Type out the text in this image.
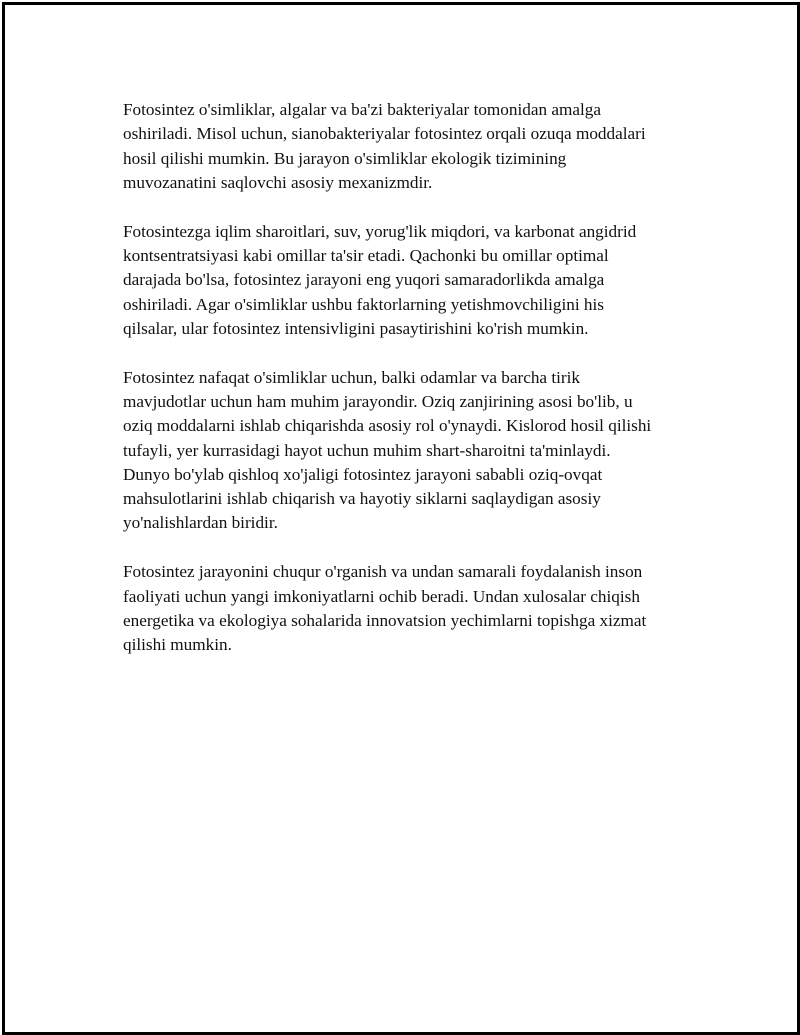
Fotosintez o'simliklar, algalar va ba'zi bakteriyalar tomonidan amalga
oshiriladi. Misol uchun, sianobakteriyalar fotosintez orqali ozuqa moddalari
hosil qilishi mumkin. Bu jarayon o'simliklar ekologik tizimining
muvozanatini saqlovchi asosiy mexanizmdir.

Fotosintezga iqlim sharoitlari, suv, yorug'lik miqdori, va karbonat angidrid
kontsentratsiyasi kabi omillar ta'sir etadi. Qachonki bu omillar optimal
darajada bo'lsa, fotosintez jarayoni eng yuqori samaradorlikda amalga
oshiriladi. Agar o'simliklar ushbu faktorlarning yetishmovchiligini his
qilsalar, ular fotosintez intensivligini pasaytirishini ko'rish mumkin.

Fotosintez nafaqat o'simliklar uchun, balki odamlar va barcha tirik
mavjudotlar uchun ham muhim jarayondir. Oziq zanjirining asosi bo'lib, u
oziq moddalarni ishlab chiqarishda asosiy rol o'ynaydi. Kislorod hosil qilishi
tufayli, yer kurrasidagi hayot uchun muhim shart-sharoitni ta'minlaydi.
Dunyo bo'ylab qishloq xo'jaligi fotosintez jarayoni sababli oziq-ovqat
mahsulotlarini ishlab chiqarish va hayotiy siklarni saqlaydigan asosiy
yo'nalishlardan biridir.

Fotosintez jarayonini chuqur o'rganish va undan samarali foydalanish inson
faoliyati uchun yangi imkoniyatlarni ochib beradi. Undan xulosalar chiqish
energetika va ekologiya sohalarida innovatsion yechimlarni topishga xizmat
qilishi mumkin.
